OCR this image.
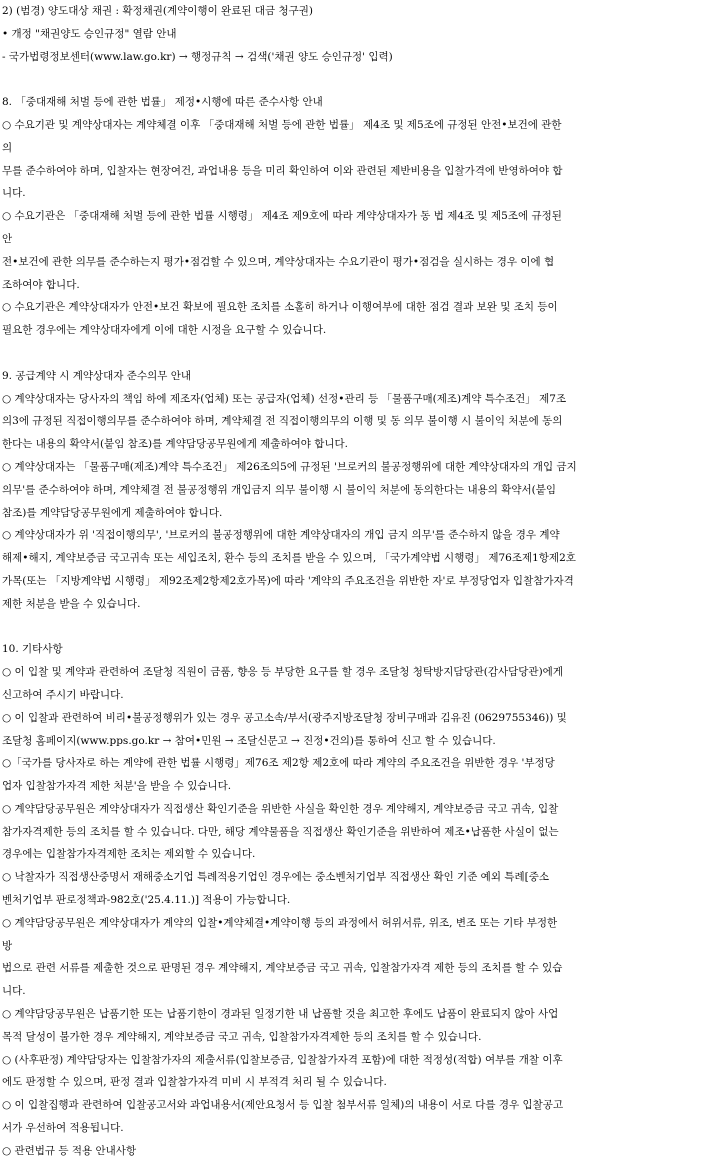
2) (범경) 양도대상 채권 : 확정채권(계약이행이 완료된 대금 청구권)
• 개정 "채권양도 승인규정" 열람 안내
- 국가법령정보센터(www.law.go.kr) → 행정규칙 → 검색('채권 양도 승인규정' 입력)
8. 「중대재해 처벌 등에 관한 법률」 제정•시행에 따른 준수사항 안내
○ 수요기관 및 계약상대자는 계약체결 이후 「중대재해 처벌 등에 관한 법률」 제4조 및 제5조에 규정된 안전•보건에 관한
의
무를 준수하여야 하며, 입찰자는 현장여건, 과업내용 등을 미리 확인하여 이와 관련된 제반비용을 입찰가격에 반영하여야 합
니다.
○ 수요기관은 「중대재해 처벌 등에 관한 법률 시행령」 제4조 제9호에 따라 계약상대자가 동 법 제4조 및 제5조에 규정된
안
전•보건에 관한 의무를 준수하는지 평가•점검할 수 있으며, 계약상대자는 수요기관이 평가•점검을 실시하는 경우 이에 협
조하여야 합니다.
○ 수요기관은 계약상대자가 안전•보건 확보에 필요한 조치를 소홀히 하거나 이행여부에 대한 점검 결과 보완 및 조치 등이
필요한 경우에는 계약상대자에게 이에 대한 시정을 요구할 수 있습니다.
9. 공급계약 시 계약상대자 준수의무 안내
○ 계약상대자는 당사자의 책임 하에 제조자(업체) 또는 공급자(업체) 선정•관리 등 「물품구매(제조)계약 특수조건」 제7조
의3에 규정된 직접이행의무를 준수하여야 하며, 계약체결 전 직접이행의무의 이행 및 동 의무 불이행 시 불이익 처분에 동의
한다는 내용의 확약서(붙임 참조)를 계약담당공무원에게 제출하여야 합니다.
○ 계약상대자는 「물품구매(제조)계약 특수조건」 제26조의5에 규정된 '브로커의 불공정행위에 대한 계약상대자의 개입 금지
의무'를 준수하여야 하며, 계약체결 전 불공정행위 개입금지 의무 불이행 시 불이익 처분에 동의한다는 내용의 확약서(붙임
참조)를 계약담당공무원에게 제출하여야 합니다.
○ 계약상대자가 위 '직접이행의무', '브로커의 불공정행위에 대한 계약상대자의 개입 금지 의무'를 준수하지 않을 경우 계약
해제•해지, 계약보증금 국고귀속 또는 세입조치, 환수 등의 조치를 받을 수 있으며, 「국가계약법 시행령」 제76조제1항제2호
가목(또는 「지방계약법 시행령」 제92조제2항제2호가목)에 따라 '계약의 주요조건을 위반한 자'로 부정당업자 입찰참가자격
제한 처분을 받을 수 있습니다.
10. 기타사항
○ 이 입찰 및 계약과 관련하여 조달청 직원이 금품, 향응 등 부당한 요구를 할 경우 조달청 청탁방지담당관(감사담당관)에게
신고하여 주시기 바랍니다.
○ 이 입찰과 관련하여 비리•불공정행위가 있는 경우 공고소속/부서(광주지방조달청 장비구매과 김유진 (0629755346)) 및
조달청 홈페이지(www.pps.go.kr → 참여•민원 → 조달신문고 → 진정•건의)를 통하여 신고 할 수 있습니다.
○「국가를 당사자로 하는 계약에 관한 법률 시행령」제76조 제2항 제2호에 따라 계약의 주요조건을 위반한 경우 '부정당
업자 입찰참가자격 제한 처분'을 받을 수 있습니다.
○ 계약담당공무원은 계약상대자가 직접생산 확인기준을 위반한 사실을 확인한 경우 계약해지, 계약보증금 국고 귀속, 입찰
참가자격제한 등의 조치를 할 수 있습니다. 다만, 해당 계약물품을 직접생산 확인기준을 위반하여 제조•납품한 사실이 없는
경우에는 입찰참가자격제한 조치는 제외할 수 있습니다.
○ 낙찰자가 직접생산중명서 재해중소기업 특례적용기업인 경우에는 중소벤처기업부 직접생산 확인 기준 예외 특례[중소
벤처기업부 판로정책과-982호('25.4.11.)] 적용이 가능합니다.
○ 계약담당공무원은 계약상대자가 계약의 입찰•계약체결•계약이행 등의 과정에서 허위서류, 위조, 변조 또는 기타 부정한
방
법으로 관련 서류를 제출한 것으로 판명된 경우 계약해지, 계약보증금 국고 귀속, 입찰참가자격 제한 등의 조치를 할 수 있습
니다.
○ 계약담당공무원은 납품기한 또는 납품기한이 경과된 일정기한 내 납품할 것을 최고한 후에도 납품이 완료되지 않아 사업
목적 달성이 불가한 경우 계약해지, 계약보증금 국고 귀속, 입찰참가자격제한 등의 조치를 할 수 있습니다.
○ (사후판정) 계약담당자는 입찰참가자의 제출서류(입찰보증금, 입찰참가자격 포함)에 대한 적정성(적합) 여부를 개찰 이후
에도 판정할 수 있으며, 판정 결과 입찰참가자격 미비 시 부적격 처리 될 수 있습니다.
○ 이 입찰집행과 관련하여 입찰공고서와 과업내용서(제안요청서 등 입찰 첨부서류 일체)의 내용이 서로 다를 경우 입찰공고
서가 우선하여 적용됩니다.
○ 관련법규 등 적용 안내사항
